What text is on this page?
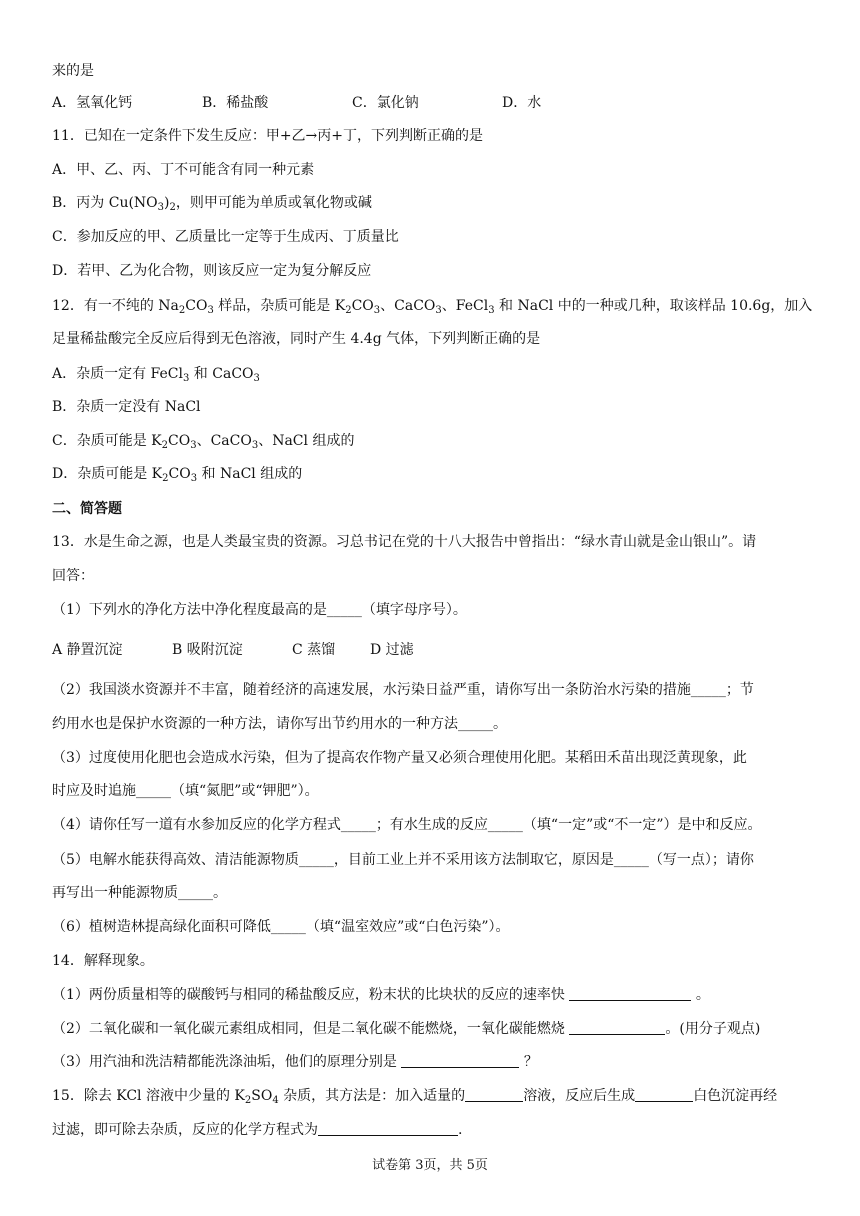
来的是
A．氢氧化钙	B．稀盐酸	C．氯化钠	D．水
11．已知在一定条件下发生反应：甲+乙→丙+丁，下列判断正确的是
A．甲、乙、丙、丁不可能含有同一种元素
B．丙为 $Cu(NO_3)_2$，则甲可能为单质或氧化物或碱
C．参加反应的甲、乙质量比一定等于生成丙、丁质量比
D．若甲、乙为化合物，则该反应一定为复分解反应
12．有一不纯的 $Na_2CO_3$ 样品，杂质可能是 $K_2CO_3$、CaCO$_3$、FeCl$_3$ 和 NaCl 中的一种或几种，取该样品 10.6g，加入
足量稀盐酸完全反应后得到无色溶液，同时产生 4.4g 气体，下列判断正确的是
A．杂质一定有 FeCl$_3$ 和 CaCO$_3$
B．杂质一定没有 NaCl
C．杂质可能是 $K_2CO_3$、CaCO$_3$、NaCl 组成的
D．杂质可能是 $K_2CO_3$ 和 NaCl 组成的
二、简答题
13．水是生命之源，也是人类最宝贵的资源。习总书记在党的十八大报告中曾指出：“绿水青山就是金山银山”。请
回答：
（1）下列水的净化方法中净化程度最高的是_____（填字母序号）。
A 静置沉淀	B 吸附沉淀	C 蒸馏 D 过滤
（2）我国淡水资源并不丰富，随着经济的高速发展，水污染日益严重，请你写出一条防治水污染的措施_____；节
约用水也是保护水资源的一种方法，请你写出节约用水的一种方法_____。
（3）过度使用化肥也会造成水污染，但为了提高农作物产量又必须合理使用化肥。某稻田禾苗出现泛黄现象，此
时应及时追施_____（填“氮肥”或“钾肥”）。
（4）请你任写一道有水参加反应的化学方程式_____；有水生成的反应_____（填“一定”或“不一定”）是中和反应。
（5）电解水能获得高效、清洁能源物质_____，目前工业上并不采用该方法制取它，原因是_____（写一点）；请你
再写出一种能源物质_____。
（6）植树造林提高绿化面积可降低_____（填“温室效应”或“白色污染”）。
14．解释现象。
（1）两份质量相等的碳酸钙与相同的稀盐酸反应，粉末状的比块状的反应的速率快	。
（2）二氧化碳和一氧化碳元素组成相同，但是二氧化碳不能燃烧，一氧化碳能燃烧	。(用分子观点)
（3）用汽油和洗洁精都能洗涤油垢，他们的原理分别是	？
15．除去 KCl 溶液中少量的 $K_2SO_4$ 杂质，其方法是：加入适量的	溶液，反应后生成	白色沉淀再经
过滤，即可除去杂质，反应的化学方程式为	.
试卷第 3页，共 5页
